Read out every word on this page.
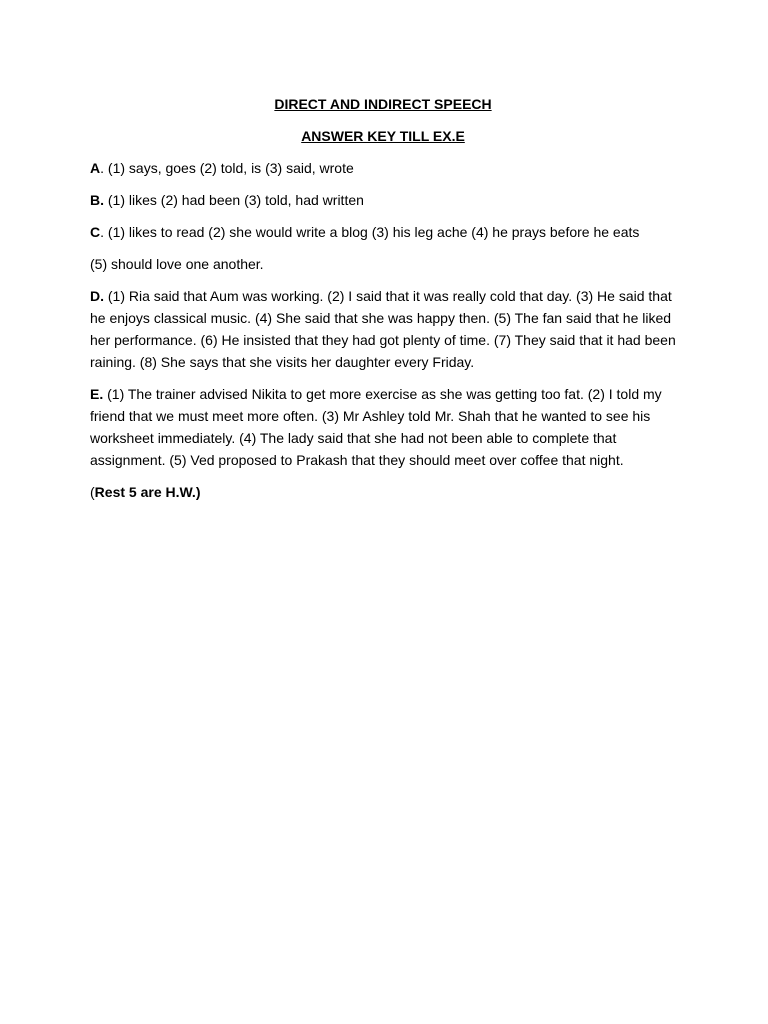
DIRECT AND INDIRECT SPEECH
ANSWER KEY TILL EX.E
A. (1) says, goes (2) told, is (3) said, wrote
B. (1) likes (2) had been (3) told, had written
C. (1) likes to read (2) she would write a blog (3) his leg ache (4) he prays before he eats
(5) should love one another.
D. (1) Ria said that Aum was working. (2) I said that it was really cold that day. (3) He said that he enjoys classical music. (4) She said that she was happy then. (5) The fan said that he liked her performance. (6) He insisted that they had got plenty of time. (7) They said that it had been raining. (8) She says that she visits her daughter every Friday.
E. (1) The trainer advised Nikita to get more exercise as she was getting too fat. (2) I told my friend that we must meet more often. (3) Mr Ashley told Mr. Shah that he wanted to see his worksheet immediately. (4) The lady said that she had not been able to complete that assignment. (5) Ved proposed to Prakash that they should meet over coffee that night.
(Rest 5 are H.W.)
